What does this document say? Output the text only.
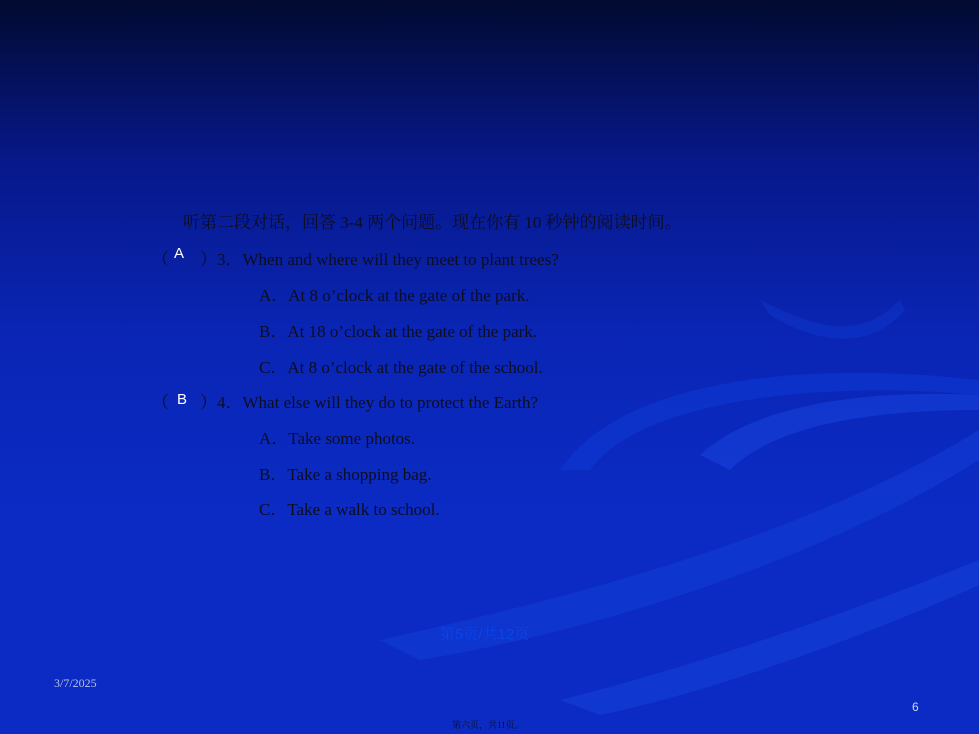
听第二段对话，回答 3-4 两个问题。现在你有 10 秒钟的阅读时间。
（ A ）3．When and where will they meet to plant trees?
A．At 8 o’clock at the gate of the park.
B．At 18 o’clock at the gate of the park.
C．At 8 o’clock at the gate of the school.
（ B ）4．What else will they do to protect the Earth?
A．Take some photos.
B．Take a shopping bag.
C．Take a walk to school.
第5页/共12页
3/7/2025
6
第六页，共11页。
